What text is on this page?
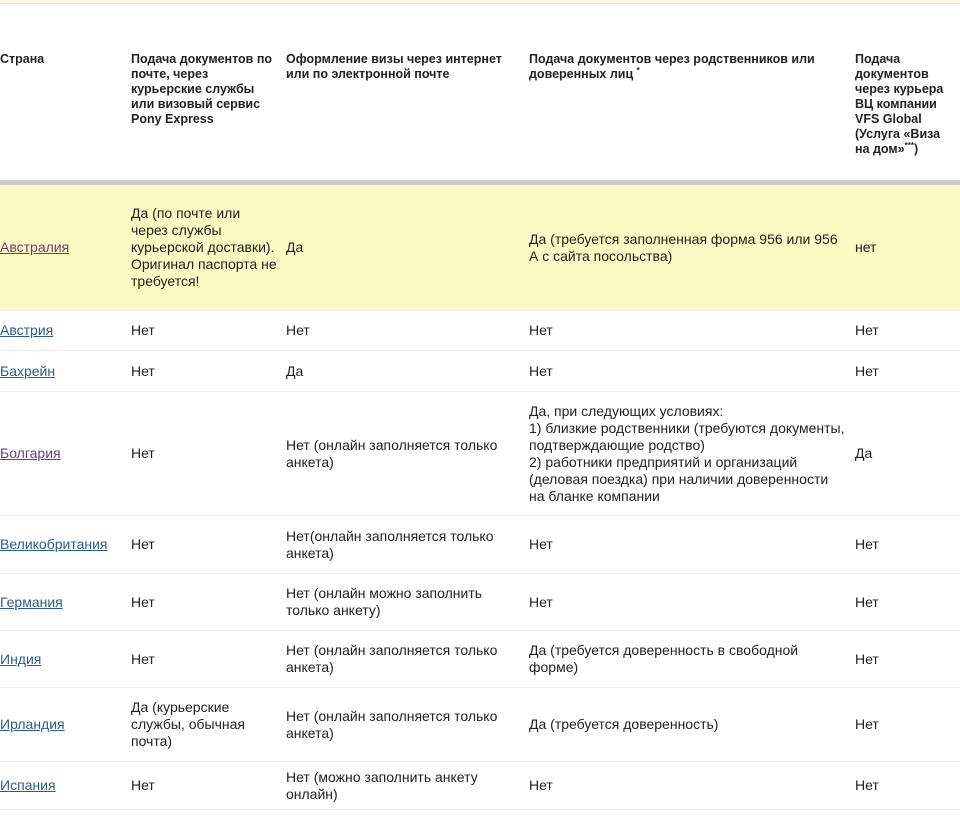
Страна	Подача документов по почте, через курьерские службы или визовый сервис Pony Express	Оформление визы через интернет или по электронной почте	Подача документов через родственников или доверенных лиц *	Подача документов через курьера ВЦ компании VFS Global (Услуга «Виза на дом»***)
Австралия	Да (по почте или через службы курьерской доставки). Оригинал паспорта не требуется!	Да	Да (требуется заполненная форма 956 или 956 А с сайта посольства)	нет
Австрия	Нет	Нет	Нет	Нет
Бахрейн	Нет	Да	Нет	Нет
Болгария	Нет	Нет (онлайн заполняется только анкета)	Да, при следующих условиях:
1) близкие родственники (требуются документы, подтверждающие родство)
2) работники предприятий и организаций (деловая поездка) при наличии доверенности на бланке компании	Да
Великобритания	Нет	Нет(онлайн заполняется только анкета)	Нет	Нет
Германия	Нет	Нет (онлайн можно заполнить только анкету)	Нет	Нет
Индия	Нет	Нет (онлайн заполняется только анкета)	Да (требуется доверенность в свободной форме)	Нет
Ирландия	Да (курьерские службы, обычная почта)	Нет (онлайн заполняется только анкета)	Да (требуется доверенность)	Нет
Испания	Нет	Нет (можно заполнить анкету онлайн)	Нет	Нет
